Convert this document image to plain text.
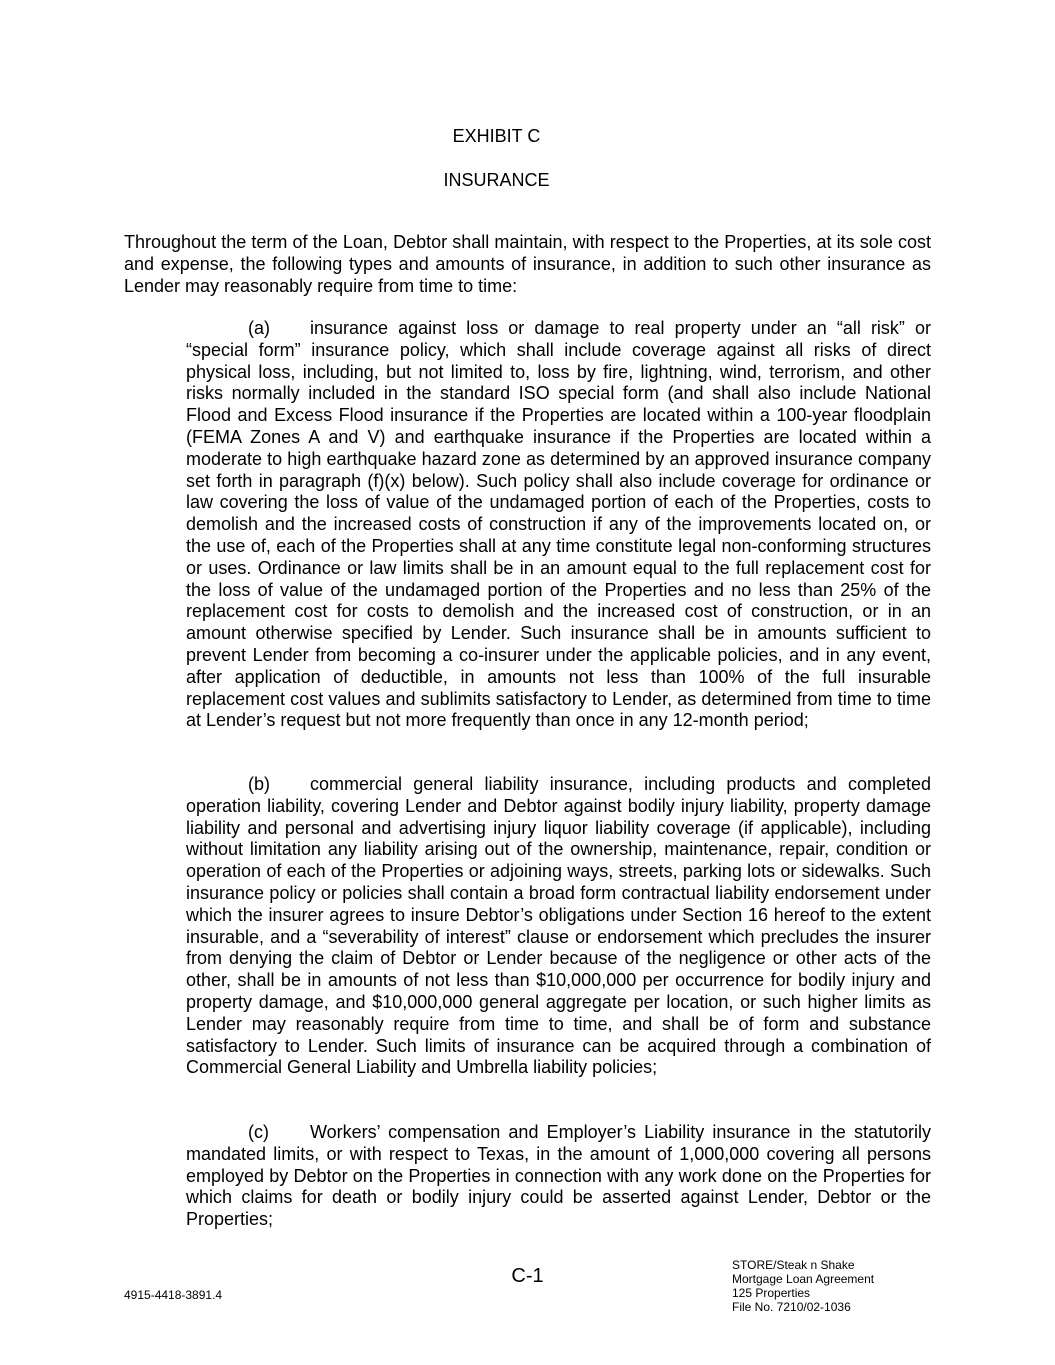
EXHIBIT C
INSURANCE

Throughout the term of the Loan, Debtor shall maintain, with respect to the Properties, at its sole cost and expense, the following types and amounts of insurance, in addition to such other insurance as Lender may reasonably require from time to time:

(a) insurance against loss or damage to real property under an “all risk” or “special form” insurance policy, which shall include coverage against all risks of direct physical loss, including, but not limited to, loss by fire, lightning, wind, terrorism, and other risks normally included in the standard ISO special form (and shall also include National Flood and Excess Flood insurance if the Properties are located within a 100-year floodplain (FEMA Zones A and V) and earthquake insurance if the Properties are located within a moderate to high earthquake hazard zone as determined by an approved insurance company set forth in paragraph (f)(x) below). Such policy shall also include coverage for ordinance or law covering the loss of value of the undamaged portion of each of the Properties, costs to demolish and the increased costs of construction if any of the improvements located on, or the use of, each of the Properties shall at any time constitute legal non-conforming structures or uses. Ordinance or law limits shall be in an amount equal to the full replacement cost for the loss of value of the undamaged portion of the Properties and no less than 25% of the replacement cost for costs to demolish and the increased cost of construction, or in an amount otherwise specified by Lender. Such insurance shall be in amounts sufficient to prevent Lender from becoming a co-insurer under the applicable policies, and in any event, after application of deductible, in amounts not less than 100% of the full insurable replacement cost values and sublimits satisfactory to Lender, as determined from time to time at Lender’s request but not more frequently than once in any 12-month period;

(b) commercial general liability insurance, including products and completed operation liability, covering Lender and Debtor against bodily injury liability, property damage liability and personal and advertising injury liquor liability coverage (if applicable), including without limitation any liability arising out of the ownership, maintenance, repair, condition or operation of each of the Properties or adjoining ways, streets, parking lots or sidewalks. Such insurance policy or policies shall contain a broad form contractual liability endorsement under which the insurer agrees to insure Debtor’s obligations under Section 16 hereof to the extent insurable, and a “severability of interest” clause or endorsement which precludes the insurer from denying the claim of Debtor or Lender because of the negligence or other acts of the other, shall be in amounts of not less than $10,000,000 per occurrence for bodily injury and property damage, and $10,000,000 general aggregate per location, or such higher limits as Lender may reasonably require from time to time, and shall be of form and substance satisfactory to Lender. Such limits of insurance can be acquired through a combination of Commercial General Liability and Umbrella liability policies;

(c) Workers’ compensation and Employer’s Liability insurance in the statutorily mandated limits, or with respect to Texas, in the amount of 1,000,000 covering all persons employed by Debtor on the Properties in connection with any work done on the Properties for which claims for death or bodily injury could be asserted against Lender, Debtor or the Properties;

C-1
4915-4418-3891.4
STORE/Steak n Shake
Mortgage Loan Agreement
125 Properties
File No. 7210/02-1036
